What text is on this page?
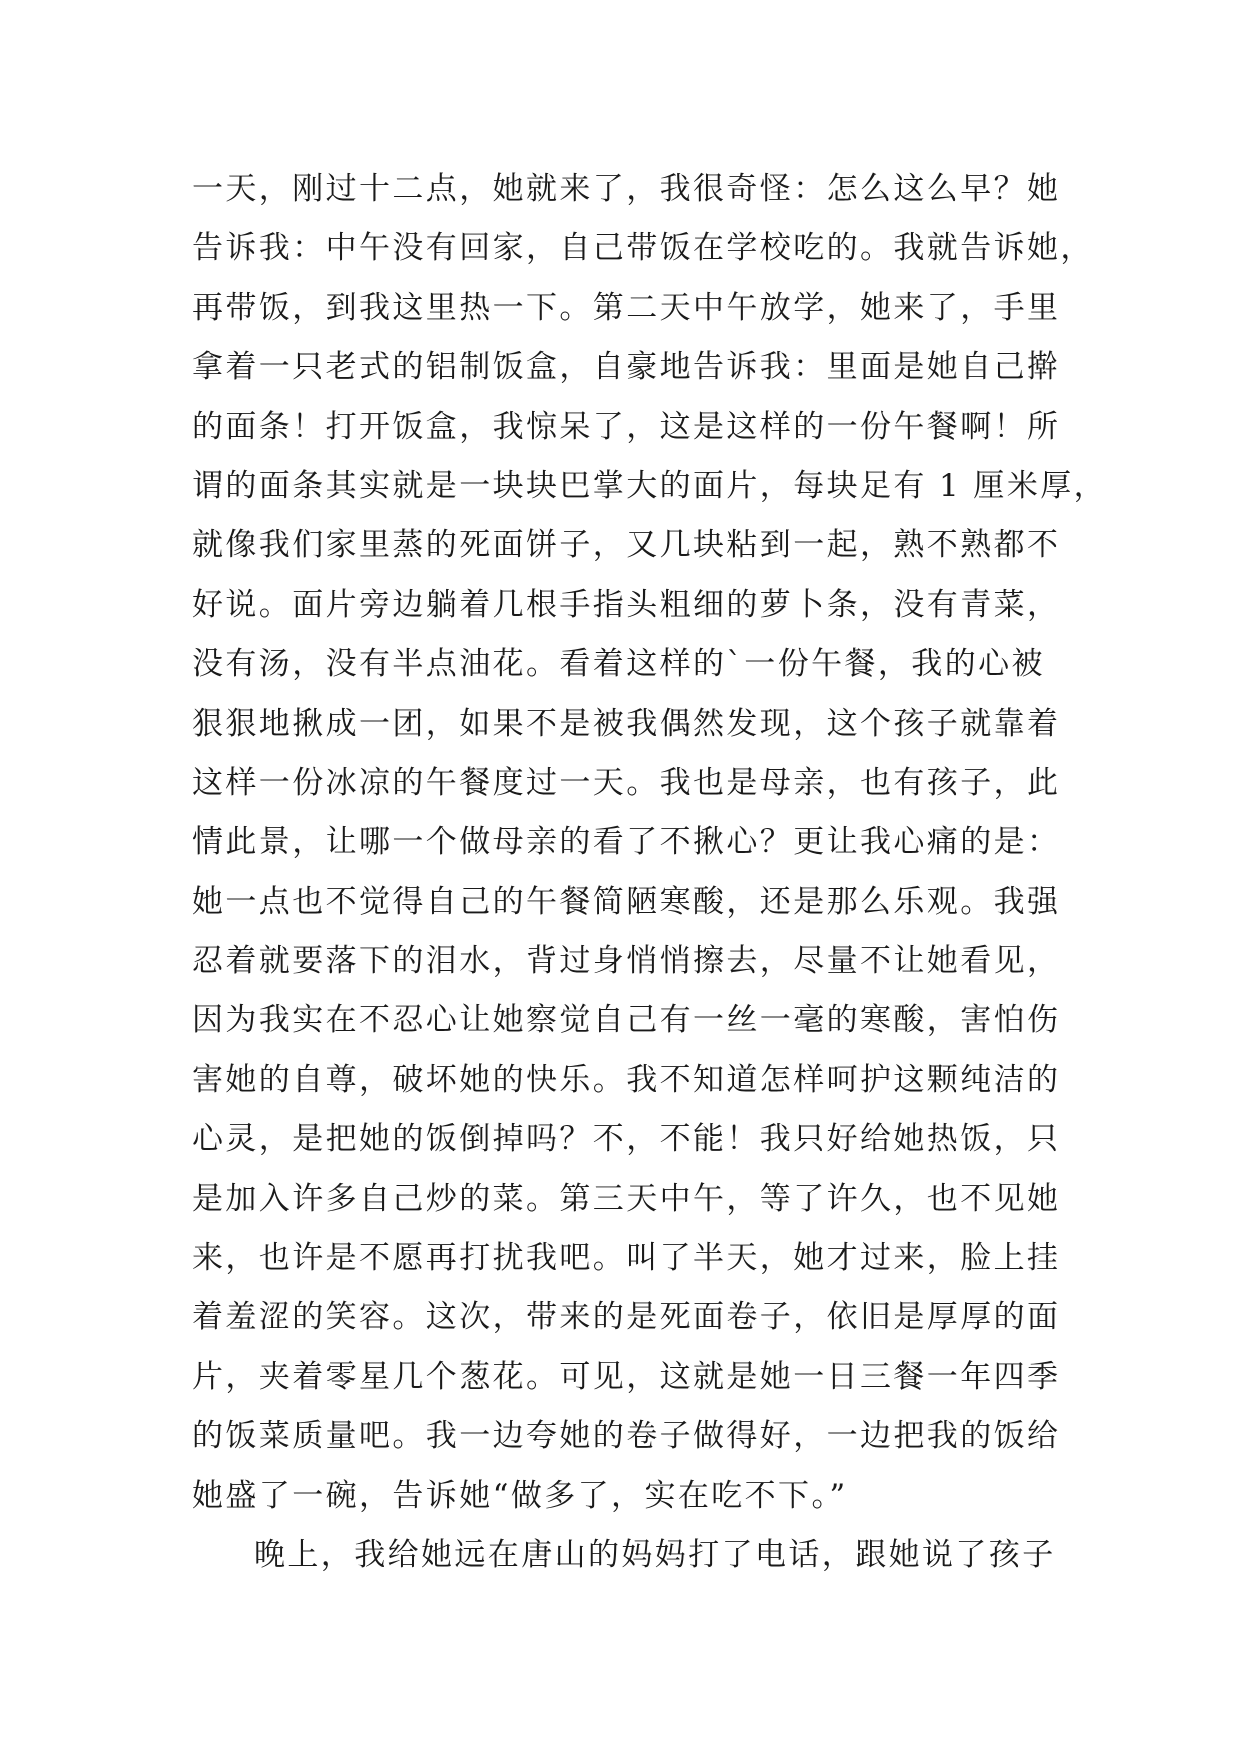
一天，刚过十二点，她就来了，我很奇怪：怎么这么早？她
告诉我：中午没有回家，自己带饭在学校吃的。我就告诉她，
再带饭，到我这里热一下。第二天中午放学，她来了，手里
拿着一只老式的铝制饭盒，自豪地告诉我：里面是她自己擀
的面条！打开饭盒，我惊呆了，这是这样的一份午餐啊！所
谓的面条其实就是一块块巴掌大的面片，每块足有 1 厘米厚，
就像我们家里蒸的死面饼子，又几块粘到一起，熟不熟都不
好说。面片旁边躺着几根手指头粗细的萝卜条，没有青菜，
没有汤，没有半点油花。看着这样的`一份午餐，我的心被
狠狠地揪成一团，如果不是被我偶然发现，这个孩子就靠着
这样一份冰凉的午餐度过一天。我也是母亲，也有孩子，此
情此景，让哪一个做母亲的看了不揪心？更让我心痛的是：
她一点也不觉得自己的午餐简陋寒酸，还是那么乐观。我强
忍着就要落下的泪水，背过身悄悄擦去，尽量不让她看见，
因为我实在不忍心让她察觉自己有一丝一毫的寒酸，害怕伤
害她的自尊，破坏她的快乐。我不知道怎样呵护这颗纯洁的
心灵，是把她的饭倒掉吗？不，不能！我只好给她热饭，只
是加入许多自己炒的菜。第三天中午，等了许久，也不见她
来，也许是不愿再打扰我吧。叫了半天，她才过来，脸上挂
着羞涩的笑容。这次，带来的是死面卷子，依旧是厚厚的面
片，夹着零星几个葱花。可见，这就是她一日三餐一年四季
的饭菜质量吧。我一边夸她的卷子做得好，一边把我的饭给
她盛了一碗，告诉她“做多了，实在吃不下。”
晚上，我给她远在唐山的妈妈打了电话，跟她说了孩子
